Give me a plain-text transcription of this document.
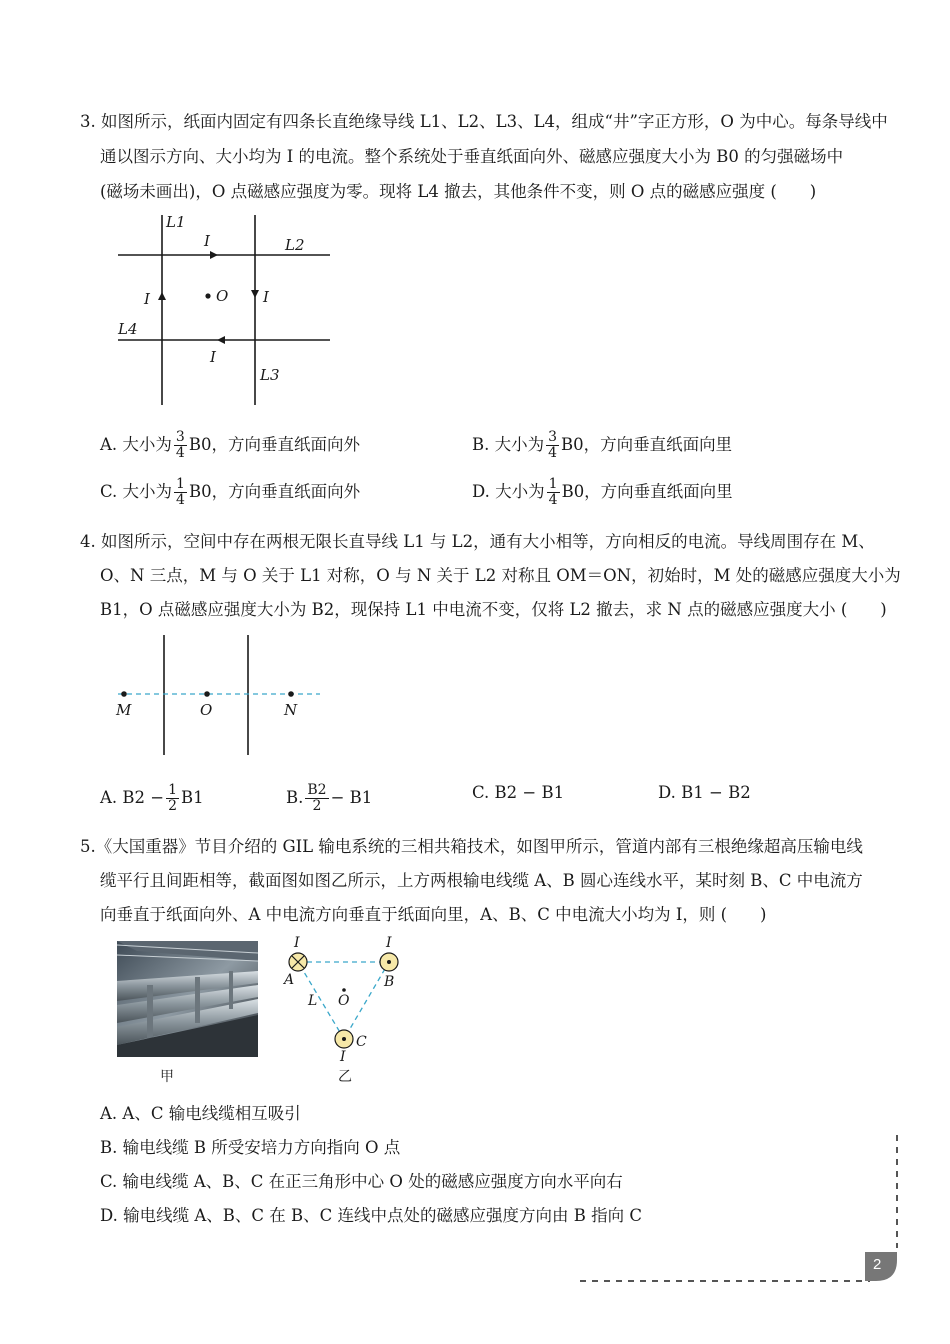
3. 如图所示，纸面内固定有四条长直绝缘导线 L1、L2、L3、L4，组成“井”字正方形，O 为中心。每条导线中
通以图示方向、大小均为 I 的电流。整个系统处于垂直纸面向外、磁感应强度大小为 B0 的匀强磁场中
(磁场未画出)，O 点磁感应强度为零。现将 L4 撤去，其他条件不变，则 O 点的磁感应强度 (　　)
L1
L2
L3
L4
I
I
I
I	O
A. 大小为 $\frac{3}{4} B0$，方向垂直纸面向外	B. 大小为 $\frac{3}{4} B0$，方向垂直纸面向里
C. 大小为 $\frac{1}{4} B0$，方向垂直纸面向外	D. 大小为 $\frac{1}{4} B0$，方向垂直纸面向里
4. 如图所示，空间中存在两根无限长直导线 L1 与 L2，通有大小相等，方向相反的电流。导线周围存在 M、
O、N 三点，M 与 O 关于 L1 对称，O 与 N 关于 L2 对称且 OM＝ON，初始时，M 处的磁感应强度大小为
B1，O 点磁感应强度大小为 B2，现保持 L1 中电流不变，仅将 L2 撤去，求 N 点的磁感应强度大小 (　　)
M	O	N
A. $B2 - \frac{1}{2} B1$	B. $\frac{B2}{2} - B1$	C. B2 − B1	D. B1 − B2
5.《大国重器》节目介绍的 GIL 输电系统的三相共箱技术，如图甲所示，管道内部有三根绝缘超高压输电线
缆平行且间距相等，截面图如图乙所示，上方两根输电线缆 A、B 圆心连线水平，某时刻 B、C 中电流方
向垂直于纸面向外、A 中电流方向垂直于纸面向里，A、B、C 中电流大小均为 I，则 (　　)
甲
I	I
A	B
L O
C
I
乙
A. A、C 输电线缆相互吸引
B. 输电线缆 B 所受安培力方向指向 O 点
C. 输电线缆 A、B、C 在正三角形中心 O 处的磁感应强度方向水平向右
D. 输电线缆 A、B、C 在 B、C 连线中点处的磁感应强度方向由 B 指向 C
2
